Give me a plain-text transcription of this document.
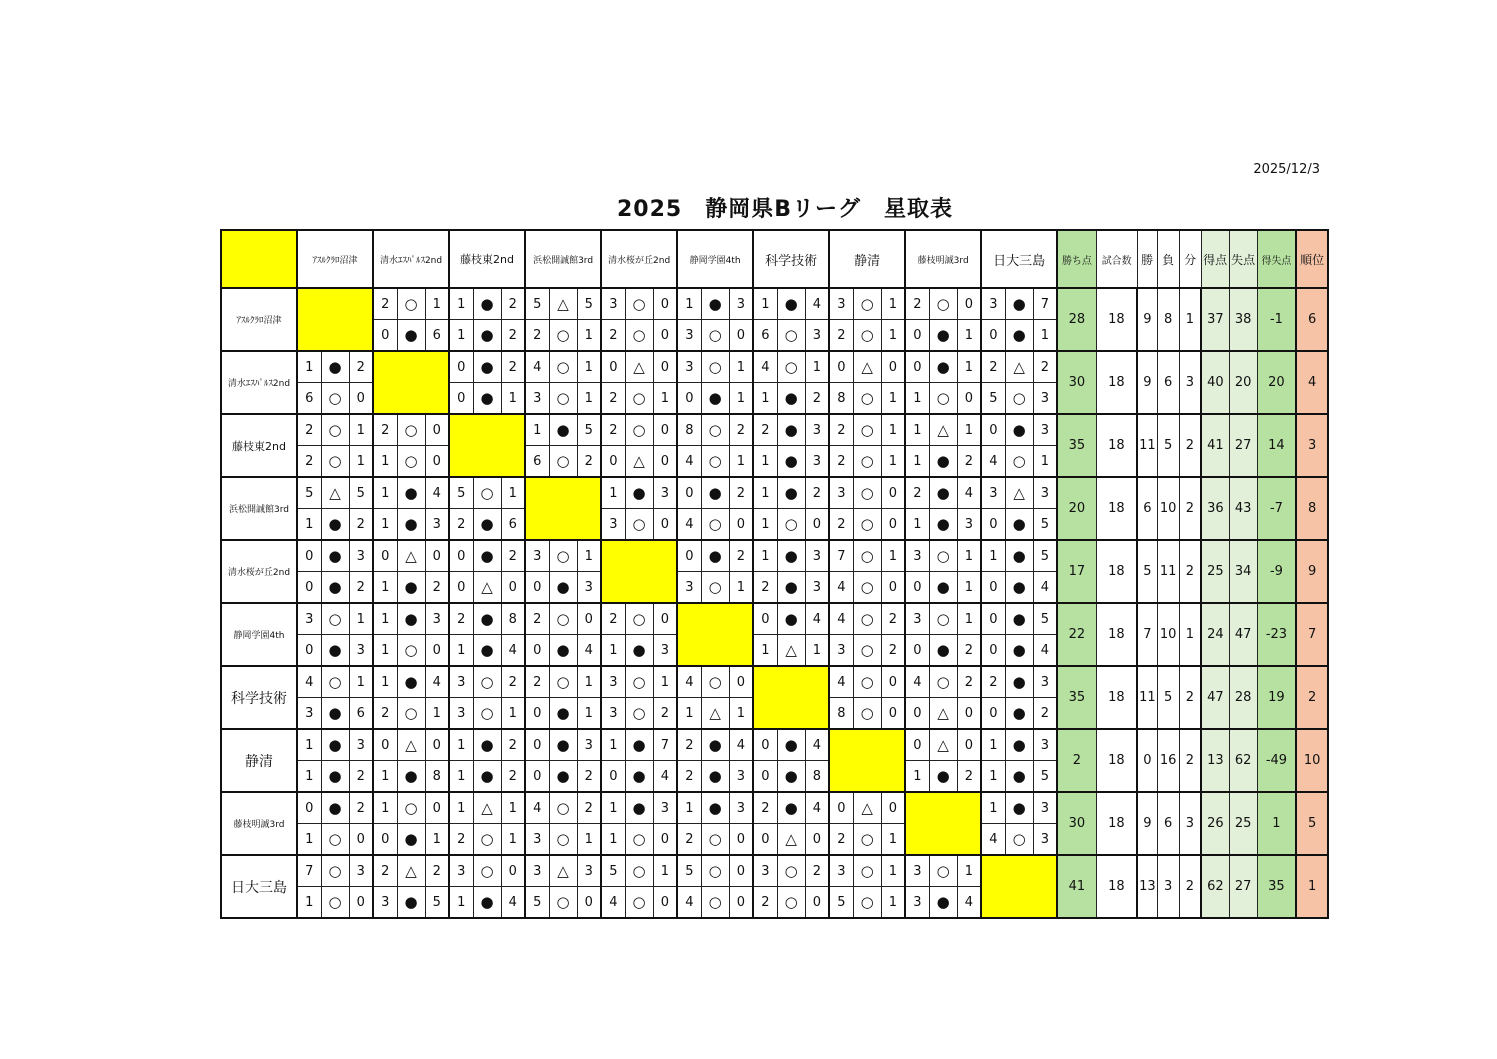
2025/12/3
2025　静岡県Bリーグ　星取表
	ｱｽﾙｸﾗﾛ沼津			清水ｴｽﾊﾟﾙｽ2nd			藤枝東2nd			浜松開誠館3rd			清水桜が丘2nd			静岡学園4th			科学技術			静清			藤枝明誠3rd			日大三島			勝ち点	試合数	勝	負	分	得点	失点	得失点	順位
ｱｽﾙｸﾗﾛ沼津				2	○	1	1	●	2	5	△	5	3	○	0	1	●	3	1	●	4	3	○	1	2	○	0	3	●	7	28	18	9	8	1	37	38	-1	6
				0	●	6	1	●	2	2	○	1	2	○	0	3	○	0	6	○	3	2	○	1	0	●	1	0	●	1									
清水ｴｽﾊﾟﾙｽ2nd	1	●	2				0	●	2	4	○	1	0	△	0	3	○	1	4	○	1	0	△	0	0	●	1	2	△	2	30	18	9	6	3	40	20	20	4
	6	○	0				0	●	1	3	○	1	2	○	1	0	●	1	1	●	2	8	○	1	1	○	0	5	○	3									
藤枝東2nd	2	○	1	2	○	0				1	●	5	2	○	0	8	○	2	2	●	3	2	○	1	1	△	1	0	●	3	35	18	11	5	2	41	27	14	3
	2	○	1	1	○	0				6	○	2	0	△	0	4	○	1	1	●	3	2	○	1	1	●	2	4	○	1									
浜松開誠館3rd	5	△	5	1	●	4	5	○	1				1	●	3	0	●	2	1	●	2	3	○	0	2	●	4	3	△	3	20	18	6	10	2	36	43	-7	8
	1	●	2	1	●	3	2	●	6				3	○	0	4	○	0	1	○	0	2	○	0	1	●	3	0	●	5									
清水桜が丘2nd	0	●	3	0	△	0	0	●	2	3	○	1				0	●	2	1	●	3	7	○	1	3	○	1	1	●	5	17	18	5	11	2	25	34	-9	9
	0	●	2	1	●	2	0	△	0	0	●	3				3	○	1	2	●	3	4	○	0	0	●	1	0	●	4									
静岡学園4th	3	○	1	1	●	3	2	●	8	2	○	0	2	○	0				0	●	4	4	○	2	3	○	1	0	●	5	22	18	7	10	1	24	47	-23	7
	0	●	3	1	○	0	1	●	4	0	●	4	1	●	3				1	△	1	3	○	2	0	●	2	0	●	4									
科学技術	4	○	1	1	●	4	3	○	2	2	○	1	3	○	1	4	○	0				4	○	0	4	○	2	2	●	3	35	18	11	5	2	47	28	19	2
	3	●	6	2	○	1	3	○	1	0	●	1	3	○	2	1	△	1				8	○	0	0	△	0	0	●	2									
静清	1	●	3	0	△	0	1	●	2	0	●	3	1	●	7	2	●	4	0	●	4				0	△	0	1	●	3	2	18	0	16	2	13	62	-49	10
	1	●	2	1	●	8	1	●	2	0	●	2	0	●	4	2	●	3	0	●	8				1	●	2	1	●	5									
藤枝明誠3rd	0	●	2	1	○	0	1	△	1	4	○	2	1	●	3	1	●	3	2	●	4	0	△	0				1	●	3	30	18	9	6	3	26	25	1	5
	1	○	0	0	●	1	2	○	1	3	○	1	1	○	0	2	○	0	0	△	0	2	○	1				4	○	3									
日大三島	7	○	3	2	△	2	3	○	0	3	△	3	5	○	1	5	○	0	3	○	2	3	○	1	3	○	1				41	18	13	3	2	62	27	35	1
	1	○	0	3	●	5	1	●	4	5	○	0	4	○	0	4	○	0	2	○	0	5	○	1	3	●	4												
